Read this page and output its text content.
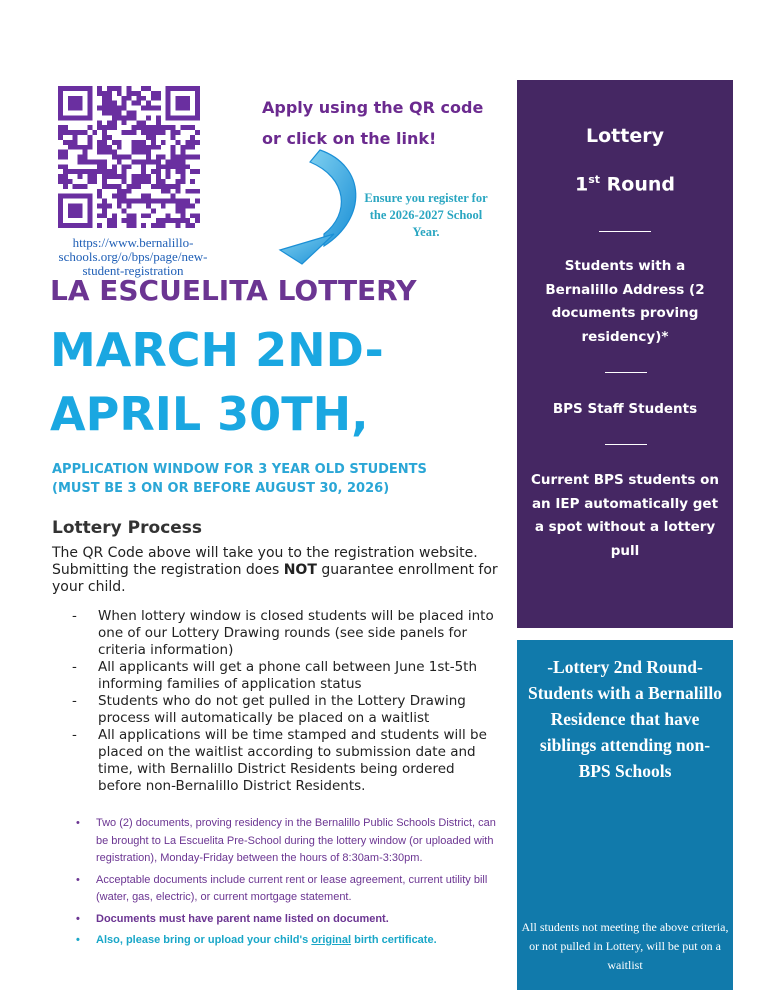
https://www.bernalillo-schools.org/o/bps/page/new-student-registration
Apply using the QR code
or click on the link!
Ensure you register for the 2026-2027 School Year.
LA ESCUELITA LOTTERY
MARCH 2ND-
APRIL 30TH,
APPLICATION WINDOW FOR 3 YEAR OLD STUDENTS
(MUST BE 3 ON OR BEFORE AUGUST 30, 2026)
Lottery Process
The QR Code above will take you to the registration website. Submitting the registration does NOT guarantee enrollment for your child.
- When lottery window is closed students will be placed into one of our Lottery Drawing rounds (see side panels for criteria information)
- All applicants will get a phone call between June 1st-5th informing families of application status
- Students who do not get pulled in the Lottery Drawing process will automatically be placed on a waitlist
- All applications will be time stamped and students will be placed on the waitlist according to submission date and time, with Bernalillo District Residents being ordered before non-Bernalillo District Residents.
• Two (2) documents, proving residency in the Bernalillo Public Schools District, can be brought to La Escuelita Pre-School during the lottery window (or uploaded with registration), Monday-Friday between the hours of 8:30am-3:30pm.
• Acceptable documents include current rent or lease agreement, current utility bill (water, gas, electric), or current mortgage statement.
• Documents must have parent name listed on document.
• Also, please bring or upload your child's original birth certificate.
Lottery
1st Round
Students with a Bernalillo Address (2 documents proving residency)*
BPS Staff Students
Current BPS students on an IEP automatically get a spot without a lottery pull
-Lottery 2nd Round- Students with a Bernalillo Residence that have siblings attending non- BPS Schools
All students not meeting the above criteria, or not pulled in Lottery, will be put on a waitlist
